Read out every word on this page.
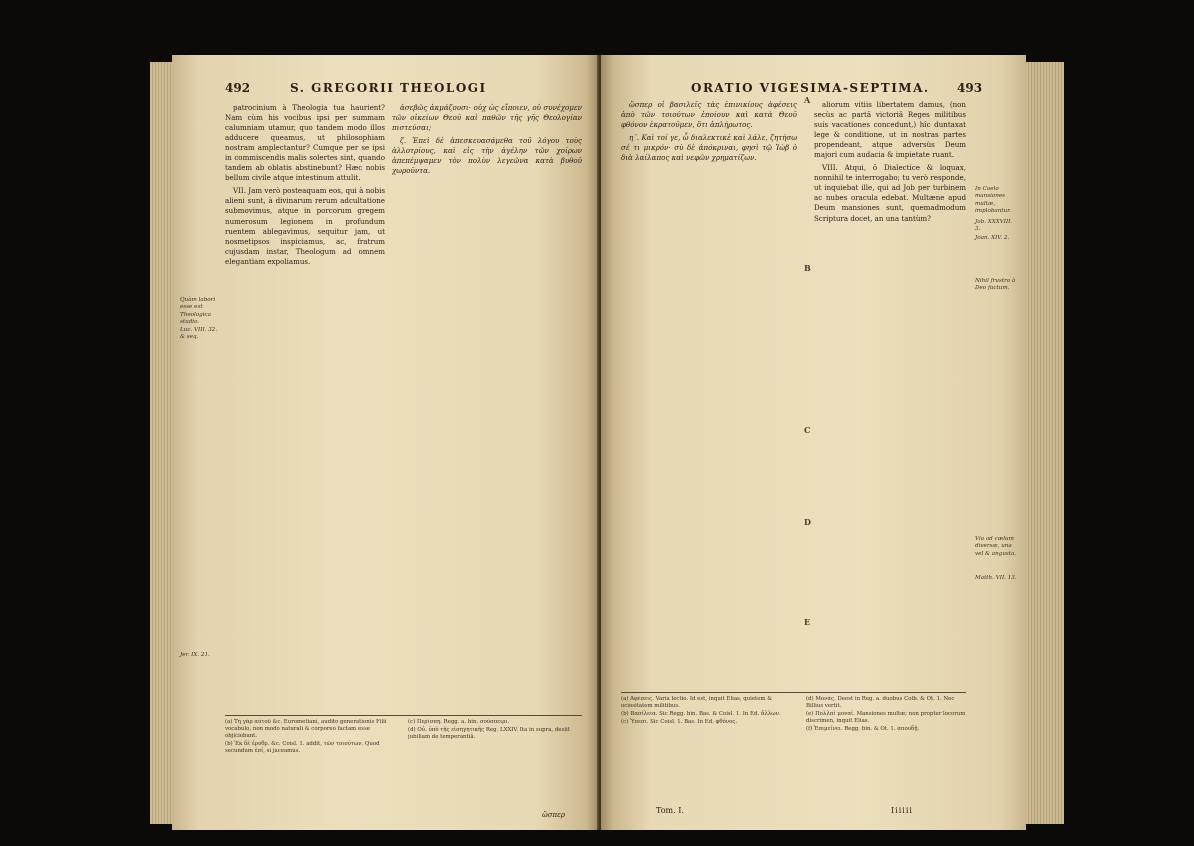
492	S. GREGORII THEOLOGI

patrocinium à Theologia tua haurient? Nam cùm his vocibus ipsi per summam calumniam utamur, quo tandem modo illos adducere queamus, ut philosophiam nostram amplectantur? Cumque per se ipsi in commiscendis malis solertes sint, quando tandem ab oblatis abstinebunt? Hæc nobis bellum civile atque intestinum attulit.

VII. Jam verò posteaquam eos, qui à nobis alieni sunt, à divinarum rerum adcultatione submovimus, atque in porcorum gregem numerosum legionem in profundum ruentem ablegavimus, sequitur jam, ut nosmetipsos inspiciamus, ac, fratrum cujusdam instar, Theologum ad omnem elegantiam expoliamus.

ἀσεβῶς ἀκμάζουσι· οὐχ ὡς εἴποιεν, οὐ συνέχομεν τῶν οἰκείων Θεοῦ καὶ παθῶν τῆς γῆς Θεολογίαν πιστεύσαι;

ζ. Ἐπεὶ δὲ ἀπεσκευασάμεθα τοῦ λόγου τοὺς ἀλλοτρίους, καὶ εἰς τὴν ἀγέλην τῶν χοίρων ἀπεπέμψαμεν τὸν πολὺν λεγεῶνα κατὰ βυθοῦ χωροῦντα.

Quàm labori esse est Theologica studio.
Luc. VIII. 32. & seq.
Jer. IX. 21.

(a) Τὴ γὰρ αὐτοῦ &c. Eurometiani, audito generationis Filii vocabulo, non modo naturali & corporeo factam esse objiciebant.

(b) Ἐκ δὲ ἐρυθρ. &c. Coisl. 1. addit, τῶν τοιούτων. Quod secundum ἐπί, si jaceamus.

(c) Περίσπη. Regg. a. bin. σούσπειρι.

(d) Οὐ. ὑπὸ τῆς εἰσηγητικῆς Reg. LXXIV. Ita in supra, desiit jubiliam de temperantiâ.

ὥσπερ
ORATIO VIGESIMA-SEPTIMA. 493

ὥσπερ οἱ βασιλεῖς τὰς ἐπινικίους ἀφέσεις ἀπὸ τῶν τοιούτων ἐποίουν καὶ κατὰ Θεοῦ φθόνον ἐκρατοῦμεν, ὅτι ἀπλήρωτος.

η΄. Καὶ τοί γε, ὦ διαλεκτικὲ καὶ λάλε, ζητήσω σέ τι μικρόν· σὺ δὲ ἀπόκριναι, φησὶ τῷ Ἰὼβ ὁ διὰ λαίλαπος καὶ νεφῶν χρηματίζων.

A
B
C
D
E

aliorum vitiis libertatem damus, (non secùs ac partâ victoriâ Reges militibus suis vacationes concedunt,) hîc duntaxat lege & conditione, ut in nostras partes propendeant, atque adversùs Deum majori cum audacia & impietate ruant.

VIII. Atqui, ô Dialectice & loquax, nonnihil te interrogabo; tu verò responde, ut inquiebat ille, qui ad Job per turbinem ac nubes oracula edebat. Multæne apud Deum mansiones sunt, quemadmodum Scriptura docet, an una tantùm?

In Coelo mansiones multæ, implobantur.
Job. XXXVIII. 3.
Joan. XIV. 2.
Nihil frustra à Deo factum.
Via ad cœlum diversæ, una vel & angusta.
Matth. VII. 13.

(a) Ἀφέσεις. Varia lectio. Id est, inquit Elias, quietem & ociositatem militibus.

(b) Βασίλεια. Sic Regg. bin. Bas. & Coisl. 1. In Ed. ἄλλων.

(c) Ὑπεσι. Sic Coisl. 1. Bas. In Ed. φθόνος.

(d) Μονάς. Deest in Reg. a. duobus Colb. & Ot. 1. Nec Billius vertit.

(e) Πολλαὶ μοναί. Mansiones multæ; non propter locorum discrimen, inquit Elias.

(f) Ἐπιμείνει. Regg. bin. & Ot. 1. σπουδῇ.

Tom. I.	Iiiiii
